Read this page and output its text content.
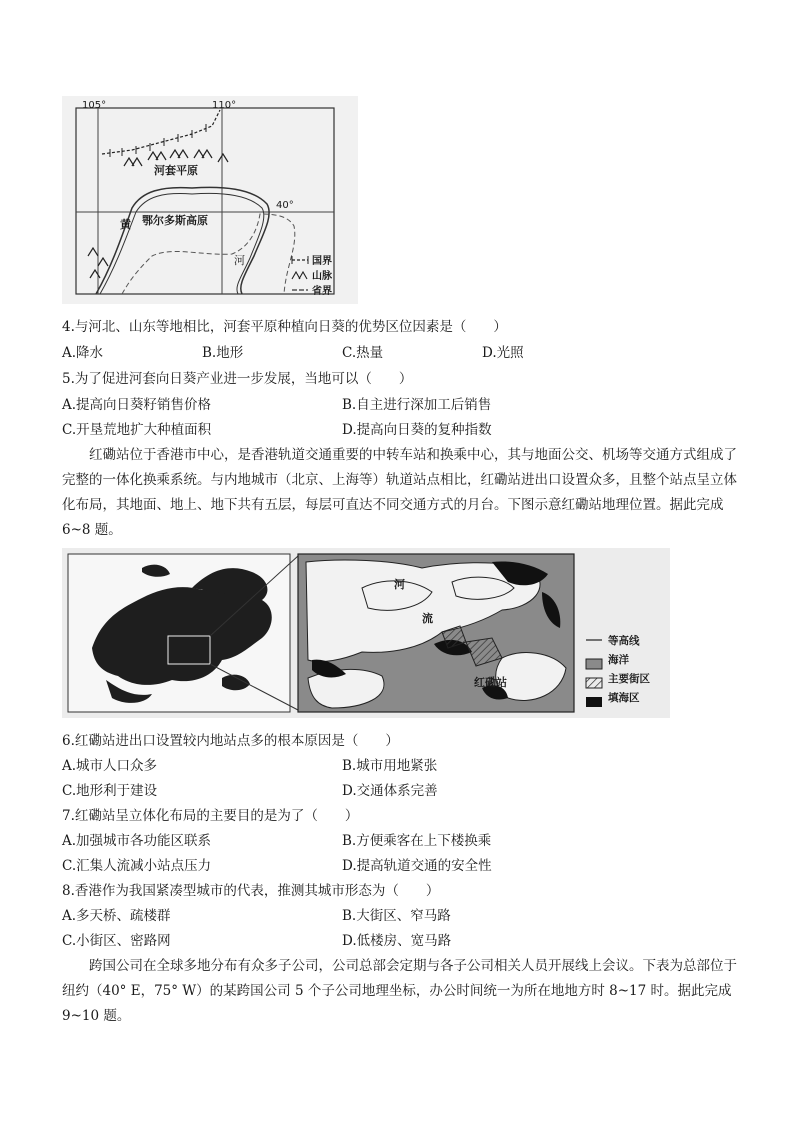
105°	110°
40°
河套平原
鄂尔多斯高原
黄
河	国界
山脉
省界
4.与河北、山东等地相比，河套平原种植向日葵的优势区位因素是（　　）
A.降水	B.地形	C.热量	D.光照
5.为了促进河套向日葵产业进一步发展，当地可以（　　）
A.提高向日葵籽销售价格	B.自主进行深加工后销售
C.开垦荒地扩大种植面积	D.提高向日葵的复种指数
红磡站位于香港市中心，是香港轨道交通重要的中转车站和换乘中心，其与地面公交、机场等交通方式组成了完整的一体化换乘系统。与内地城市（北京、上海等）轨道站点相比，红磡站进出口设置众多，且整个站点呈立体化布局，其地面、地上、地下共有五层，每层可直达不同交通方式的月台。下图示意红磡站地理位置。据此完成 6~8 题。
河
流
红磡站
等高线
海洋
主要街区
填海区
6.红磡站进出口设置较内地站点多的根本原因是（　　）
A.城市人口众多	B.城市用地紧张
C.地形利于建设	D.交通体系完善
7.红磡站呈立体化布局的主要目的是为了（　　）
A.加强城市各功能区联系	B.方便乘客在上下楼换乘
C.汇集人流减小站点压力	D.提高轨道交通的安全性
8.香港作为我国紧凑型城市的代表，推测其城市形态为（　　）
A.多天桥、疏楼群	B.大街区、窄马路
C.小街区、密路网	D.低楼房、宽马路
跨国公司在全球多地分布有众多子公司，公司总部会定期与各子公司相关人员开展线上会议。下表为总部位于纽约（40° E，75° W）的某跨国公司 5 个子公司地理坐标，办公时间统一为所在地地方时 8~17 时。据此完成 9~10 题。
